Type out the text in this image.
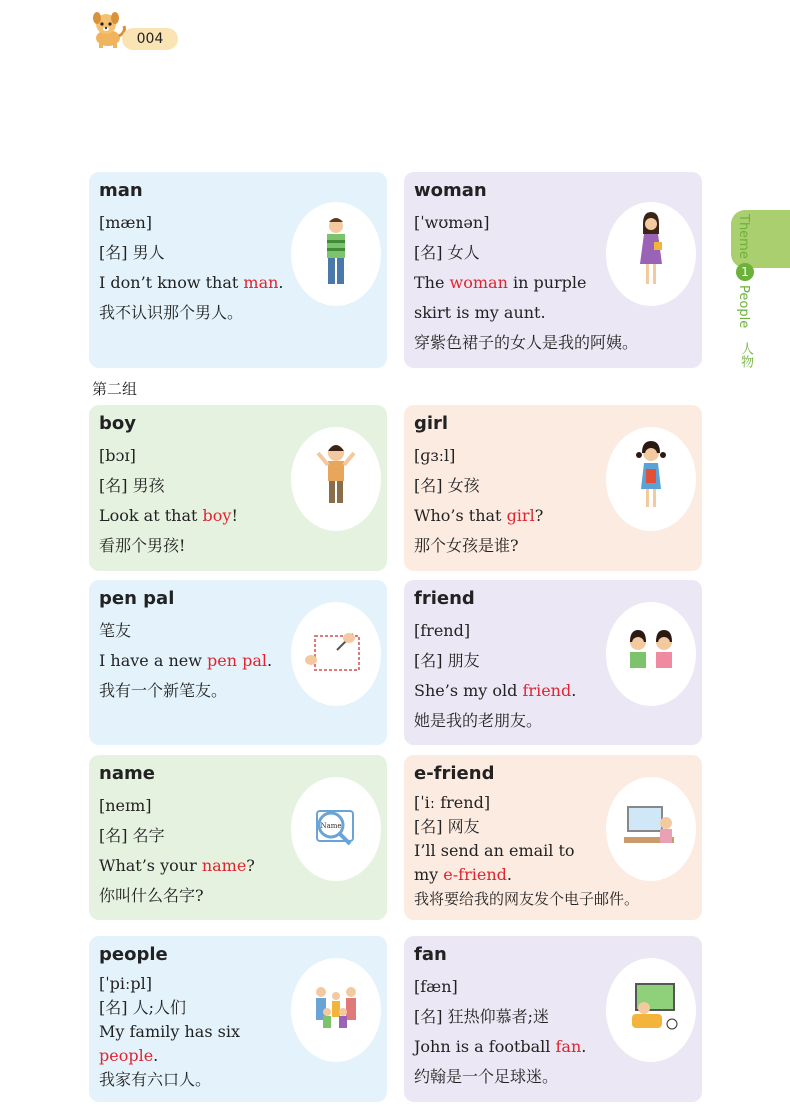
004
Theme
1
People
人物
man
[mæn]
[名] 男人
I don’t know that man.
我不认识那个男人。
woman
[ˈwʊmən]
[名] 女人
The woman in purple
skirt is my aunt.
穿紫色裙子的女人是我的阿姨。
第二组
boy
[bɔɪ]
[名] 男孩
Look at that boy!
看那个男孩!
girl
[ɡɜːl]
[名] 女孩
Who’s that girl?
那个女孩是谁?
pen pal
笔友
I have a new pen pal.
我有一个新笔友。
friend
[frend]
[名] 朋友
She’s my old friend.
她是我的老朋友。
name
[neɪm]
[名] 名字
What’s your name?
你叫什么名字?
Name
e-friend
[ˈiː frend]
[名] 网友
I’ll send an email to
my e-friend.
我将要给我的网友发个电子邮件。
people
[ˈpiːpl]
[名] 人;人们
My family has six
people.
我家有六口人。
fan
[fæn]
[名] 狂热仰慕者;迷
John is a football fan.
约翰是一个足球迷。
